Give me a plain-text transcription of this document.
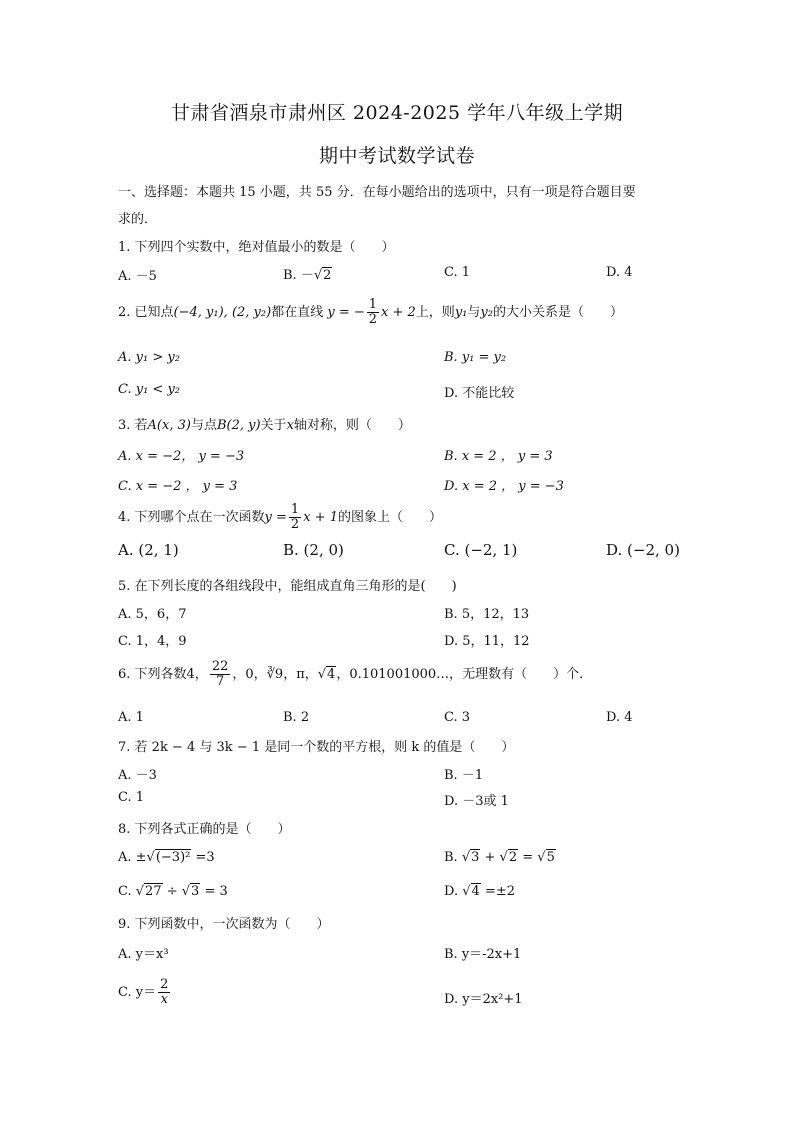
甘肃省酒泉市肃州区 2024-2025 学年八年级上学期
期中考试数学试卷
一、选择题：本题共 15 小题，共 55 分．在每小题给出的选项中，只有一项是符合题目要
求的．
1. 下列四个实数中，绝对值最小的数是（　　）
A. －5	B. －√2	C. 1	D. 4
2. 已知点(−4, y₁), (2, y₂)都在直线 y = − $\frac{1}{2}$ x + 2上，则y₁与y₂的大小关系是（　　）
A. y₁ > y₂	B. y₁ = y₂
C. y₁ < y₂	D. 不能比较
3. 若A(x, 3)与点B(2, y)关于x轴对称，则（　　）
A. x = −2， y = −3	B. x = 2 ， y = 3
C. x = −2 ， y = 3	D. x = 2 ， y = −3
4. 下列哪个点在一次函数$y = \frac{1}{2}$ x + 1的图象上（　　）
A. (2, 1)	B. (2, 0)	C. (−2, 1)	D. (−2, 0)
5. 在下列长度的各组线段中，能组成直角三角形的是(　　)
A. 5，6，7	B. 5，12，13
C. 1，4，9	D. 5，11，12
6. 下列各数4， $\frac{22}{7}$ ，0，∛9，π，√4，0.101001000…，无理数有（　　）个．
A. 1	B. 2	C. 3	D. 4
7. 若 2k − 4 与 3k − 1 是同一个数的平方根，则 k 的值是（　　）
A. －3	B. －1
C. 1	D. －3或 1
8. 下列各式正确的是（　　）
A. ±√(−3)² =3	B. √3 + √2 = √5
C. √27 ÷ √3 = 3	D. √4 =±2
9. 下列函数中，一次函数为（　　）
A. y＝x³	B. y＝-2x+1
C. $y= \frac{2}{x}$	D. y＝2x²+1
